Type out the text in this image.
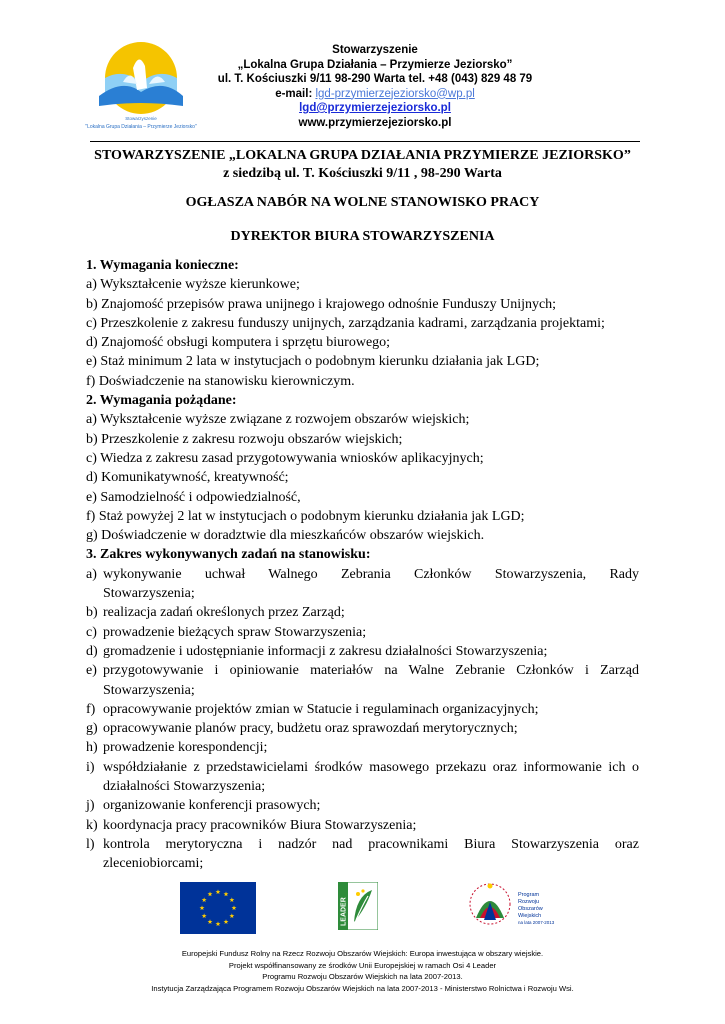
Stowarzyszenie
"Lokalna Grupa Działania – Przymierze Jeziorsko"
Stowarzyszenie
„Lokalna Grupa Działania – Przymierze Jeziorsko”
ul. T. Kościuszki 9/11 98-290 Warta tel. +48 (043) 829 48 79
e-mail: lgd-przymierzejeziorsko@wp.pl
lgd@przymierzejeziorsko.pl
www.przymierzejeziorsko.pl
STOWARZYSZENIE „LOKALNA GRUPA DZIAŁANIA PRZYMIERZE JEZIORSKO”
z siedzibą ul. T. Kościuszki 9/11 , 98-290 Warta
OGŁASZA NABÓR NA WOLNE STANOWISKO PRACY
DYREKTOR BIURA STOWARZYSZENIA
1. Wymagania konieczne:
a) Wykształcenie wyższe kierunkowe;
b) Znajomość przepisów prawa unijnego i krajowego odnośnie Funduszy Unijnych;
c) Przeszkolenie z zakresu funduszy unijnych, zarządzania kadrami, zarządzania projektami;
d) Znajomość obsługi komputera i sprzętu biurowego;
e) Staż minimum 2 lata w instytucjach o podobnym kierunku działania jak LGD;
f) Doświadczenie na stanowisku kierowniczym.
2. Wymagania pożądane:
a) Wykształcenie wyższe związane z rozwojem obszarów wiejskich;
b) Przeszkolenie z zakresu rozwoju obszarów wiejskich;
c) Wiedza z zakresu zasad przygotowywania wniosków aplikacyjnych;
d) Komunikatywność, kreatywność;
e) Samodzielność i odpowiedzialność,
f) Staż powyżej 2 lat w instytucjach o podobnym kierunku działania jak LGD;
g) Doświadczenie w doradztwie dla mieszkańców obszarów wiejskich.
3. Zakres wykonywanych zadań na stanowisku:
a) wykonywanie uchwał Walnego Zebrania Członków Stowarzyszenia, Rady
Stowarzyszenia;
b) realizacja zadań określonych przez Zarząd;
c) prowadzenie bieżących spraw Stowarzyszenia;
d) gromadzenie i udostępnianie informacji z zakresu działalności Stowarzyszenia;
e) przygotowywanie i opiniowanie materiałów na Walne Zebranie Członków i Zarząd
Stowarzyszenia;
f) opracowywanie projektów zmian w Statucie i regulaminach organizacyjnych;
g) opracowywanie planów pracy, budżetu oraz sprawozdań merytorycznych;
h) prowadzenie korespondencji;
i) współdziałanie z przedstawicielami środków masowego przekazu oraz informowanie ich o
działalności Stowarzyszenia;
j) organizowanie konferencji prasowych;
k) koordynacja pracy pracowników Biura Stowarzyszenia;
l) kontrola merytoryczna i nadzór nad pracownikami Biura Stowarzyszenia oraz
zleceniobiorcami;
LEADER
Program
Rozwoju
Obszarów
Wiejskich
na lata 2007-2013
Europejski Fundusz Rolny na Rzecz Rozwoju Obszarów Wiejskich: Europa inwestująca w obszary wiejskie.
Projekt współfinansowany ze środków Unii Europejskiej w ramach Osi 4 Leader
Programu Rozwoju Obszarów Wiejskich na lata 2007-2013.
Instytucja Zarządzająca Programem Rozwoju Obszarów Wiejskich na lata 2007-2013 - Ministerstwo Rolnictwa i Rozwoju Wsi.
